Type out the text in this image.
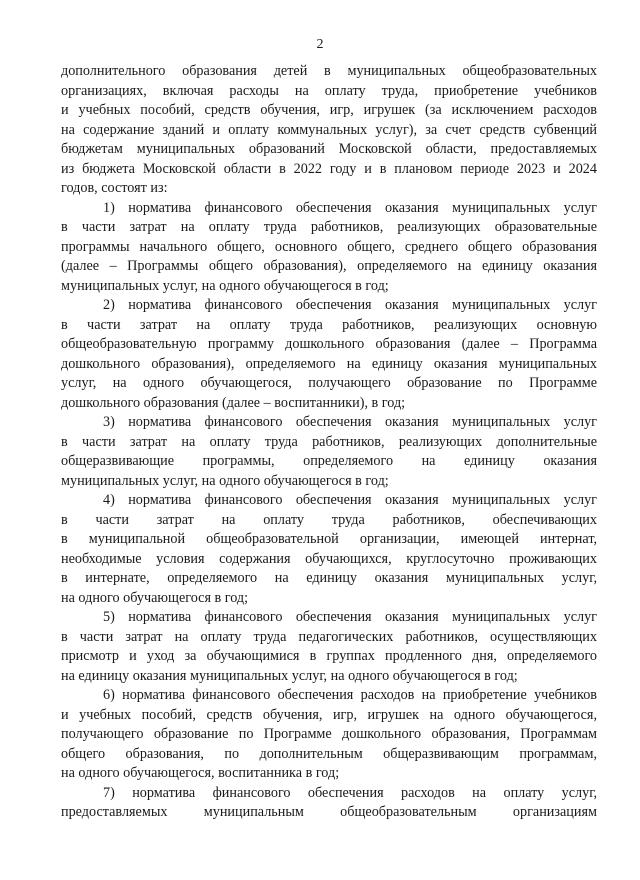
2
дополнительного образования детей в муниципальных общеобразовательных
организациях, включая расходы на оплату труда, приобретение учебников
и учебных пособий, средств обучения, игр, игрушек (за исключением расходов
на содержание зданий и оплату коммунальных услуг), за счет средств субвенций
бюджетам муниципальных образований Московской области, предоставляемых
из бюджета Московской области в 2022 году и в плановом периоде 2023 и 2024
годов, состоят из:
1) норматива финансового обеспечения оказания муниципальных услуг
в части затрат на оплату труда работников, реализующих образовательные
программы начального общего, основного общего, среднего общего образования
(далее – Программы общего образования), определяемого на единицу оказания
муниципальных услуг, на одного обучающегося в год;
2) норматива финансового обеспечения оказания муниципальных услуг
в части затрат на оплату труда работников, реализующих основную
общеобразовательную программу дошкольного образования (далее – Программа
дошкольного образования), определяемого на единицу оказания муниципальных
услуг, на одного обучающегося, получающего образование по Программе
дошкольного образования (далее – воспитанники), в год;
3) норматива финансового обеспечения оказания муниципальных услуг
в части затрат на оплату труда работников, реализующих дополнительные
общеразвивающие программы, определяемого на единицу оказания
муниципальных услуг, на одного обучающегося в год;
4) норматива финансового обеспечения оказания муниципальных услуг
в части затрат на оплату труда работников, обеспечивающих
в муниципальной общеобразовательной организации, имеющей интернат,
необходимые условия содержания обучающихся, круглосуточно проживающих
в интернате, определяемого на единицу оказания муниципальных услуг,
на одного обучающегося в год;
5) норматива финансового обеспечения оказания муниципальных услуг
в части затрат на оплату труда педагогических работников, осуществляющих
присмотр и уход за обучающимися в группах продленного дня, определяемого
на единицу оказания муниципальных услуг, на одного обучающегося в год;
6) норматива финансового обеспечения расходов на приобретение учебников
и учебных пособий, средств обучения, игр, игрушек на одного обучающегося,
получающего образование по Программе дошкольного образования, Программам
общего образования, по дополнительным общеразвивающим программам,
на одного обучающегося, воспитанника в год;
7) норматива финансового обеспечения расходов на оплату услуг,
предоставляемых муниципальным общеобразовательным организациям
